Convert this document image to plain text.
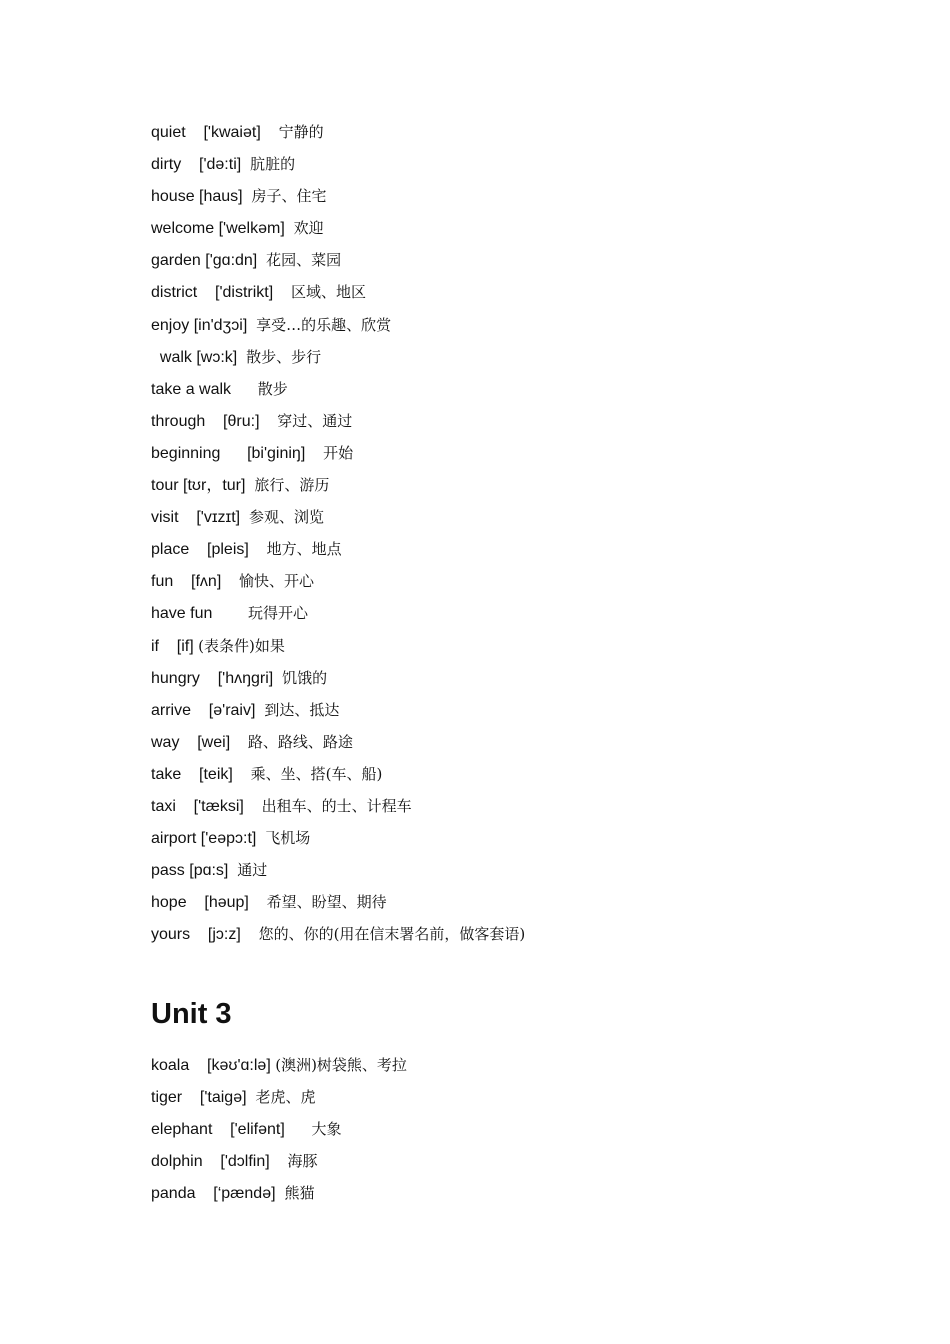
quiet    ['kwaiət]    宁静的
dirty    ['də:ti]  肮脏的
house [haus]  房子、住宅
welcome ['welkəm]  欢迎
garden ['ɡɑ:dn]  花园、菜园
district    ['distrikt]    区域、地区
enjoy [in'dʒɔi]  享受…的乐趣、欣赏
walk [wɔ:k]  散步、步行
take a walk      散步
through    [θru:]    穿过、通过
beginning      [bi'ɡiniŋ]    开始
tour [tʊr，tur]  旅行、游历
visit    ['vɪzɪt]  参观、浏览
place    [pleis]    地方、地点
fun    [fʌn]    愉快、开心
have fun        玩得开心
if    [if] (表条件)如果
hungry    ['hʌŋɡri]  饥饿的
arrive    [ə'raiv]  到达、抵达
way    [wei]    路、路线、路途
take    [teik]    乘、坐、搭(车、船)
taxi    ['tæksi]    出租车、的士、计程车
airport ['eəpɔ:t]  飞机场
pass [pɑ:s]  通过
hope    [həup]    希望、盼望、期待
yours    [jɔ:z]    您的、你的(用在信末署名前，做客套语)
Unit 3
koala    [kəʊ'ɑ:lə] (澳洲)树袋熊、考拉
tiger    ['taiɡə]  老虎、虎
elephant    ['elifənt]      大象
dolphin    ['dɔlfin]    海豚
panda    [‘pændə]  熊猫
